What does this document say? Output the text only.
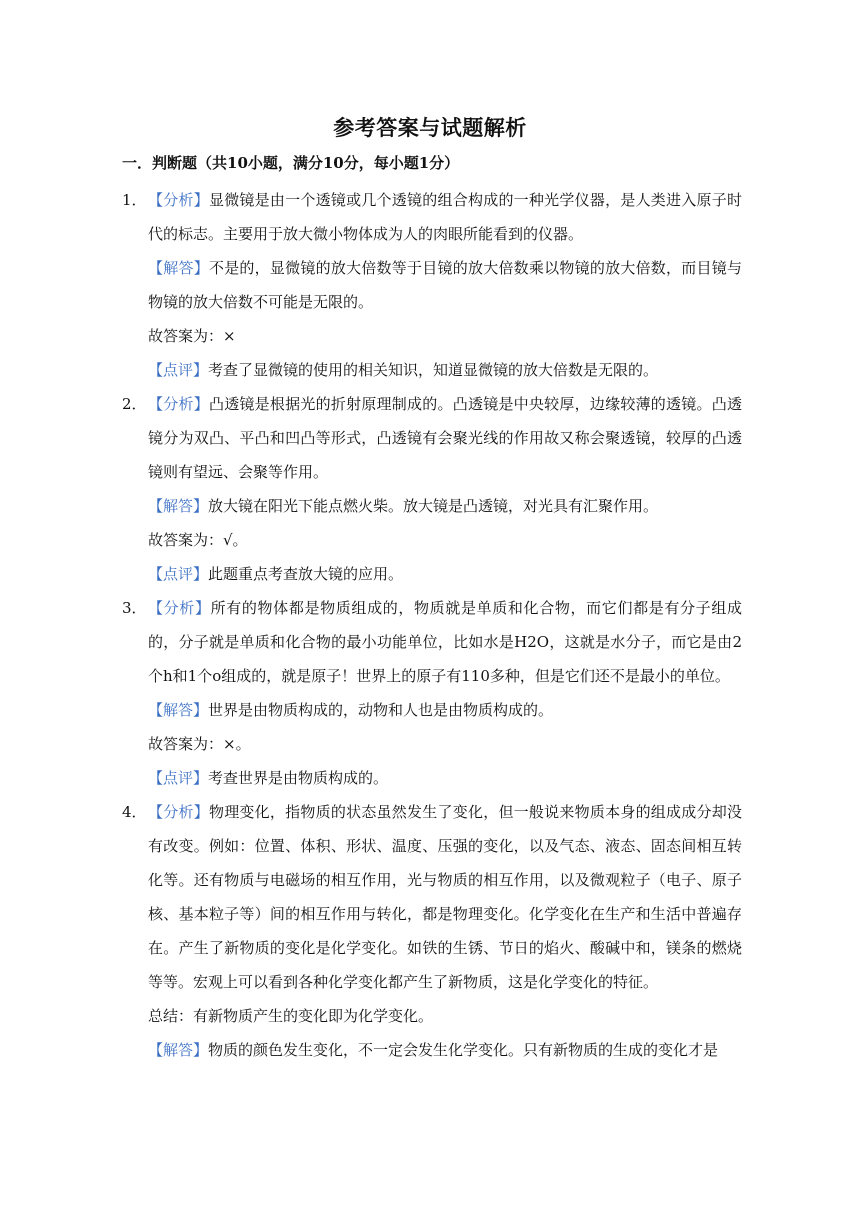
参考答案与试题解析
一．判断题（共10小题，满分10分，每小题1分）
1． 【分析】显微镜是由一个透镜或几个透镜的组合构成的一种光学仪器，是人类进入原子时代的标志。主要用于放大微小物体成为人的肉眼所能看到的仪器。
【解答】不是的，显微镜的放大倍数等于目镜的放大倍数乘以物镜的放大倍数，而目镜与物镜的放大倍数不可能是无限的。
故答案为：×
【点评】考查了显微镜的使用的相关知识，知道显微镜的放大倍数是无限的。
2． 【分析】凸透镜是根据光的折射原理制成的。凸透镜是中央较厚，边缘较薄的透镜。凸透镜分为双凸、平凸和凹凸等形式，凸透镜有会聚光线的作用故又称会聚透镜，较厚的凸透镜则有望远、会聚等作用。
【解答】放大镜在阳光下能点燃火柴。放大镜是凸透镜，对光具有汇聚作用。
故答案为：√。
【点评】此题重点考查放大镜的应用。
3． 【分析】所有的物体都是物质组成的，物质就是单质和化合物，而它们都是有分子组成的，分子就是单质和化合物的最小功能单位，比如水是H2O，这就是水分子，而它是由2个h和1个o组成的，就是原子！世界上的原子有110多种，但是它们还不是最小的单位。
【解答】世界是由物质构成的，动物和人也是由物质构成的。
故答案为：×。
【点评】考查世界是由物质构成的。
4． 【分析】物理变化，指物质的状态虽然发生了变化，但一般说来物质本身的组成成分却没有改变。例如：位置、体积、形状、温度、压强的变化，以及气态、液态、固态间相互转化等。还有物质与电磁场的相互作用，光与物质的相互作用，以及微观粒子（电子、原子核、基本粒子等）间的相互作用与转化，都是物理变化。化学变化在生产和生活中普遍存在。产生了新物质的变化是化学变化。如铁的生锈、节日的焰火、酸碱中和，镁条的燃烧等等。宏观上可以看到各种化学变化都产生了新物质，这是化学变化的特征。
总结：有新物质产生的变化即为化学变化。
【解答】物质的颜色发生变化，不一定会发生化学变化。只有新物质的生成的变化才是
